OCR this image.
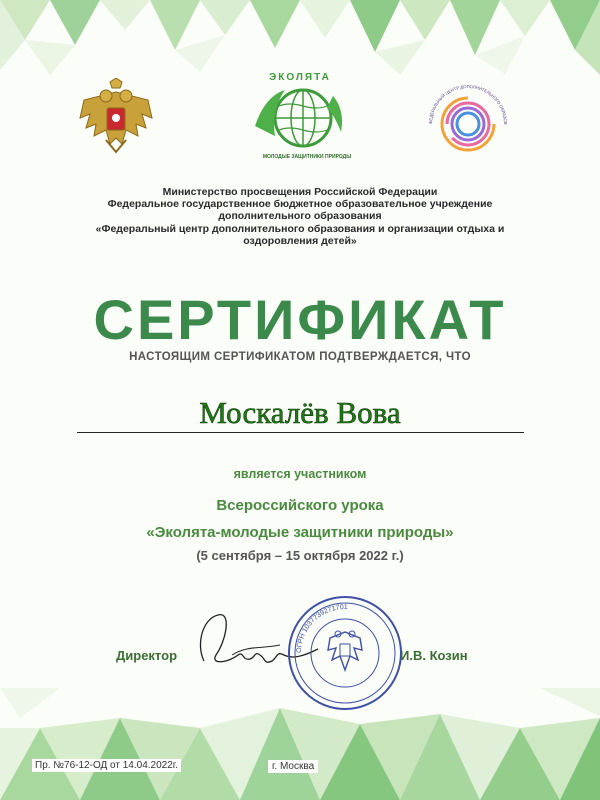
ЭКОЛЯТА
МОЛОДЫЕ ЗАЩИТНИКИ ПРИРОДЫ
ФЕДЕРАЛЬНЫЙ ЦЕНТР ДОПОЛНИТЕЛЬНОГО ОБРАЗОВ
Министерство просвещения Российской Федерации
Федеральное государственное бюджетное образовательное учреждение
дополнительного образования
«Федеральный центр дополнительного образования и организации отдыха и
оздоровления детей»
СЕРТИФИКАТ
НАСТОЯЩИМ СЕРТИФИКАТОМ ПОДТВЕРЖДАЕТСЯ, ЧТО
Москалёв Вова
является участником
Всероссийского урока
«Эколята-молодые защитники природы»
(5 сентября – 15 октября 2022 г.)
ОГРН 1037739271701
Директор	И.В. Козин
Пр. №76-12-ОД от 14.04.2022г.	г. Москва
